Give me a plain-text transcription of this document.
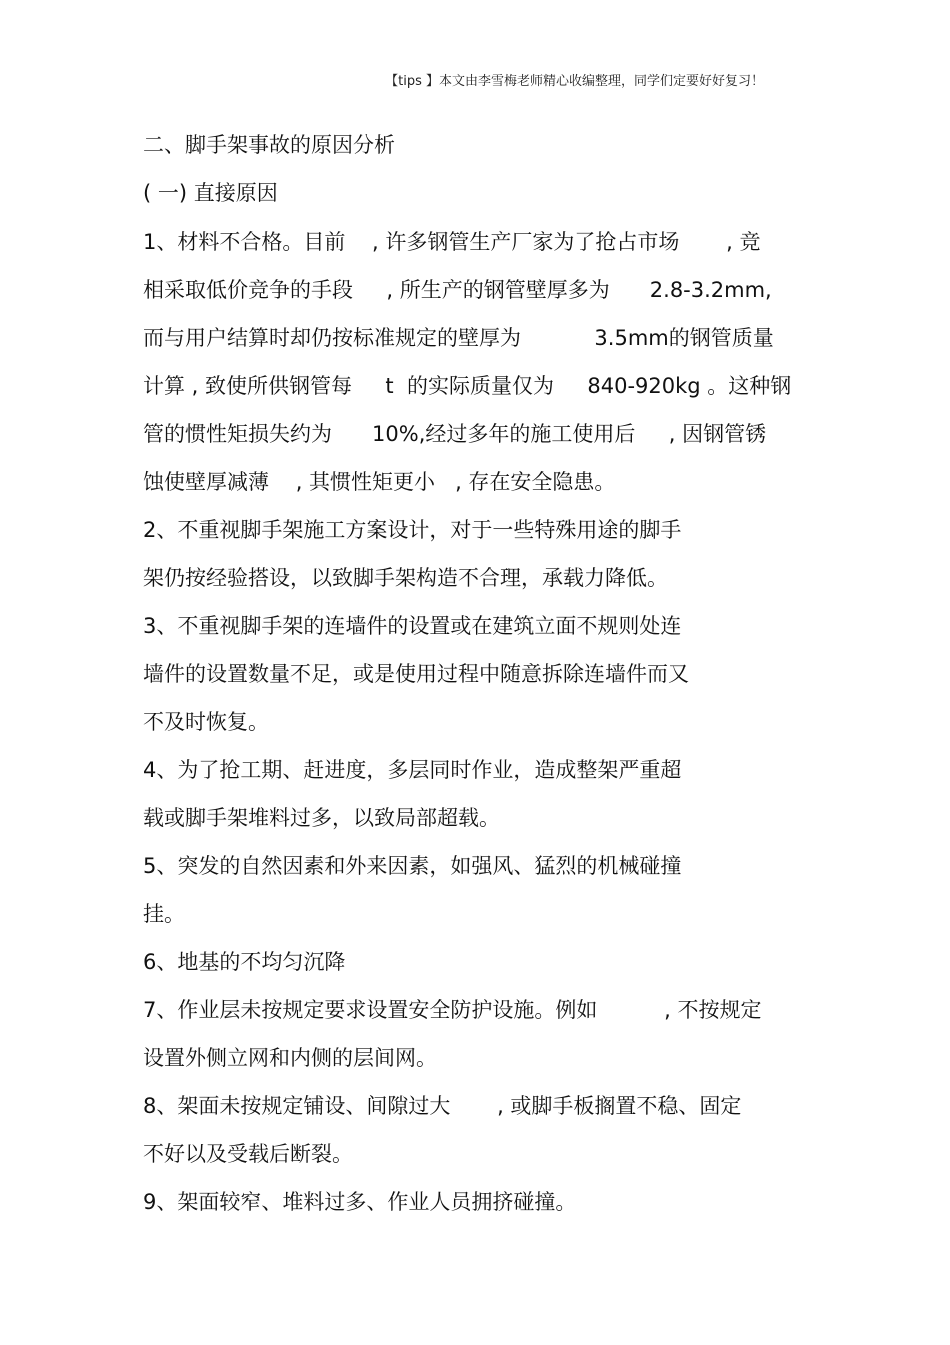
【tips 】本文由李雪梅老师精心收编整理，同学们定要好好复习！
二、脚手架事故的原因分析
( 一) 直接原因
1、材料不合格。目前    , 许多钢管生产厂家为了抢占市场       , 竞
相采取低价竞争的手段     , 所生产的钢管壁厚多为      2.8-3.2mm,
而与用户结算时却仍按标准规定的壁厚为           3.5mm的钢管质量
计算 , 致使所供钢管每     t  的实际质量仅为     840-920kg 。这种钢
管的惯性矩损失约为      10%,经过多年的施工使用后     , 因钢管锈
蚀使壁厚减薄    , 其惯性矩更小   , 存在安全隐患。
2、不重视脚手架施工方案设计，对于一些特殊用途的脚手
架仍按经验搭设，以致脚手架构造不合理，承载力降低。
3、不重视脚手架的连墙件的设置或在建筑立面不规则处连
墙件的设置数量不足，或是使用过程中随意拆除连墙件而又
不及时恢复。
4、为了抢工期、赶进度，多层同时作业，造成整架严重超
载或脚手架堆料过多，以致局部超载。
5、突发的自然因素和外来因素，如强风、猛烈的机械碰撞
挂。
6、地基的不均匀沉降
7、作业层未按规定要求设置安全防护设施。例如          , 不按规定
设置外侧立网和内侧的层间网。
8、架面未按规定铺设、间隙过大       , 或脚手板搁置不稳、固定
不好以及受载后断裂。
9、架面较窄、堆料过多、作业人员拥挤碰撞。
